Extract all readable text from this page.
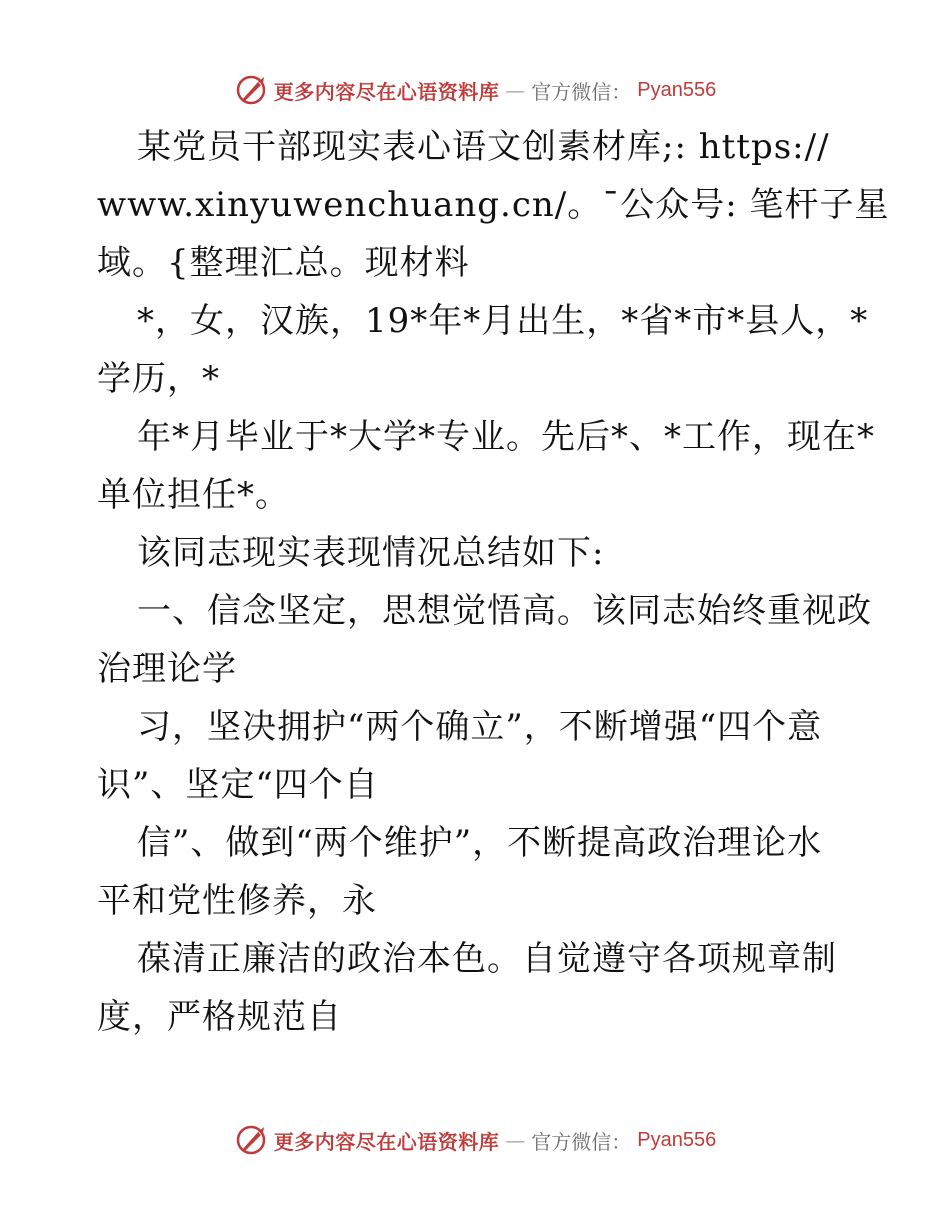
更多内容尽在心语资料库 — 官方微信： Pyan556
某党员干部现实表心语文创素材库;: https://
www.xinyuwenchuang.cn/。¯公众号: 笔杆子星
域。{整理汇总。现材料
*，女，汉族，19*年*月出生，*省*市*县人，*
学历，*
年*月毕业于*大学*专业。先后*、*工作，现在*
单位担任*。
该同志现实表现情况总结如下:
一、信念坚定，思想觉悟高。该同志始终重视政
治理论学
习，坚决拥护“两个确立”，不断增强“四个意
识”、坚定“四个自
信”、做到“两个维护”，不断提高政治理论水
平和党性修养，永
葆清正廉洁的政治本色。自觉遵守各项规章制
度，严格规范自
更多内容尽在心语资料库 — 官方微信： Pyan556
